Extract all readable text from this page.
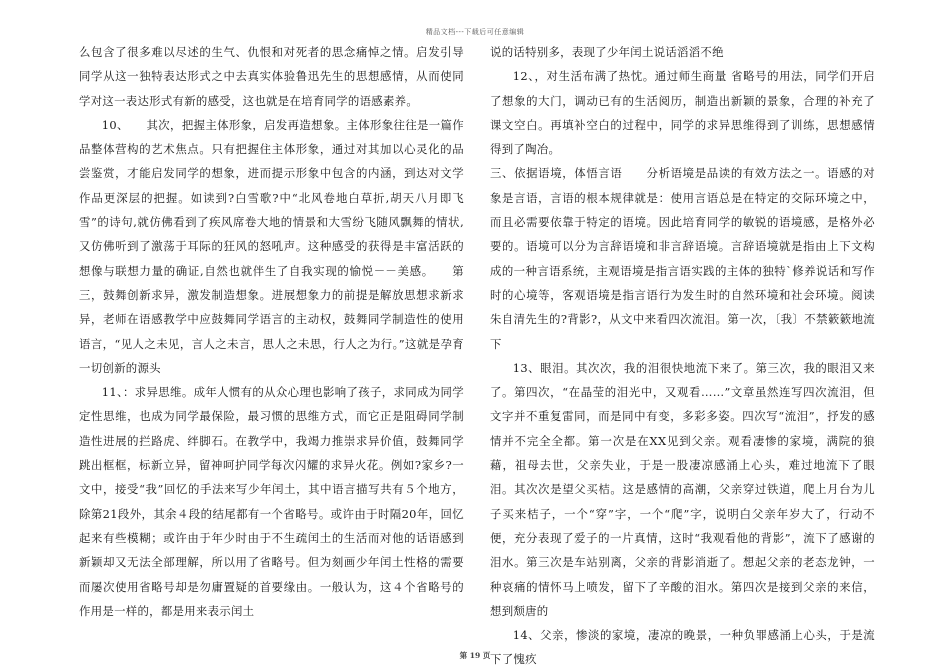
精品文档---下载后可任意编辑

么包含了很多难以尽述的生气、仇恨和对死者的思念痛悼之情。启发引导同学从这一独特表达形式之中去真实体验鲁迅先生的思想感情，从而使同学对这一表达形式有新的感受，这也就是在培育同学的语感素养。

10、　　其次，把握主体形象，启发再造想象。主体形象往往是一篇作品整体营构的艺术焦点。只有把握住主体形象，通过对其加以心灵化的品尝鉴赏，才能启发同学的想象，进而提示形象中包含的内涵，到达对文学作品更深层的把握。如读到?白雪歌?中“北风卷地白草折,胡天八月即飞雪”的诗句,就仿佛看到了疾风席卷大地的情景和大雪纷飞随风飘舞的情状,又仿佛听到了激荡于耳际的狂风的怒吼声。这种感受的获得是丰富活跃的想像与联想力量的确证,自然也就伴生了自我实现的愉悦－－美感。　　第三，鼓舞创新求异，激发制造想象。进展想象力的前提是解放思想求新求异，老师在语感教学中应鼓舞同学语言的主动权，鼓舞同学制造性的使用语言，“见人之未见，言人之未言，思人之未思，行人之为行。”这就是孕育一切创新的源头

11、：求异思维。成年人惯有的从众心理也影响了孩子，求同成为同学定性思维，也成为同学最保险，最习惯的思维方式，而它正是阻碍同学制造性进展的拦路虎、绊脚石。在教学中，我竭力推崇求异价值，鼓舞同学跳出框框，标新立异，留神呵护同学每次闪耀的求异火花。例如?家乡?一文中，接受“我”回忆的手法来写少年闰土，其中语言描写共有５个地方，除第21段外，其余４段的结尾都有一个省略号。或许由于时隔20年，回忆起来有些模糊；或许由于年少时由于不生疏闰土的生活而对他的话语感到新颖却又无法全部理解，所以用了省略号。但为刻画少年闰土性格的需要而屡次使用省略号却是勿庸置疑的首要缘由。一般认为，这４个省略号的作用是一样的，都是用来表示闰土

说的话特别多，表现了少年闰土说话滔滔不绝

12、，对生活布满了热忱。通过师生商量 省略号的用法，同学们开启了想象的大门，调动已有的生活阅历，制造出新颖的景象，合理的补充了课文空白。再填补空白的过程中，同学的求异思维得到了训练，思想感情得到了陶冶。

三、依据语境，体悟言语　　分析语境是品读的有效方法之一。语感的对象是言语，言语的根本规律就是：使用言语总是在特定的交际环境之中，而且必需要依靠于特定的语境。因此培育同学的敏锐的语境感，是格外必要的。语境可以分为言辞语境和非言辞语境。言辞语境就是指由上下文构成的一种言语系统，主观语境是指言语实践的主体的独特`修养说话和写作时的心境等，客观语境是指言语行为发生时的自然环境和社会环境。阅读朱自清先生的?背影?，从文中来看四次流泪。第一次，〔我〕不禁簌簌地流下

13、眼泪。其次次，我的泪很快地流下来了。第三次，我的眼泪又来了。第四次，“在晶莹的泪光中，又观看……”文章虽然连写四次流泪，但文字并不重复雷同，而是同中有变，多彩多姿。四次写“流泪”，抒发的感情并不完全全都。第一次是在XX见到父亲。观看凄惨的家境，满院的狼藉，祖母去世，父亲失业，于是一股凄凉感涌上心头，难过地流下了眼泪。其次次是望父买桔。这是感情的高潮，父亲穿过铁道，爬上月台为儿子买来桔子，一个“穿”字，一个“爬”字，说明白父亲年岁大了，行动不便，充分表现了爱子的一片真情，这时“我观看他的背影”，流下了感谢的泪水。第三次是车站别离，父亲的背影消逝了。想起父亲的老态龙钟，一种哀痛的情怀马上喷发，留下了辛酸的泪水。第四次是接到父亲的来信，想到颓唐的

14、父亲，惨淡的家境，凄凉的晚景，一种负罪感涌上心头，于是流下了愧疚

第 19 页
